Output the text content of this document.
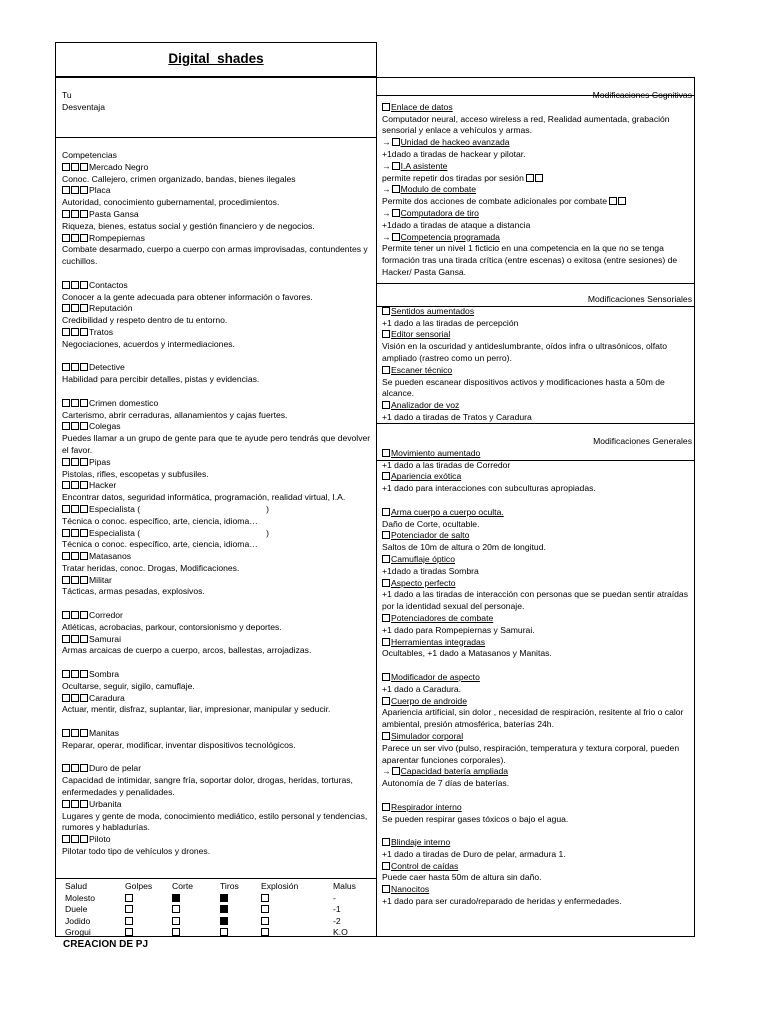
Digital_shades
Tu
Desventaja
Competencias
Mercado Negro
Conoc. Callejero, crimen organizado, bandas, bienes ilegales
Placa
Autoridad, conocimiento gubernamental, procedimientos.
Pasta Gansa
Riqueza, bienes, estatus social y gestión financiero y de negocios.
Rompepiernas
Combate desarmado, cuerpo a cuerpo con armas improvisadas, contundentes y cuchillos.
Contactos
Conocer a la gente adecuada para obtener información o favores.
Reputación
Credibilidad y respeto dentro de tu entorno.
Tratos
Negociaciones, acuerdos y intermediaciones.
Detective
Habilidad para percibir detalles, pistas y evidencias.
Crimen domestico
Carterismo, abrir cerraduras, allanamientos y cajas fuertes.
Colegas
Puedes llamar a un grupo de gente para que te ayude pero tendrás que devolver el favor.
Pipas
Pistolas, rifles, escopetas y subfusiles.
Hacker
Encontrar datos, seguridad informática, programación, realidad virtual, I.A.
Especialista (	)
Técnica o conoc. específico, arte, ciencia, idioma…
Especialista (	)
Técnica o conoc. específico, arte, ciencia, idioma…
Matasanos
Tratar heridas, conoc. Drogas, Modificaciones.
Militar
Tácticas, armas pesadas, explosivos.
Corredor
Atléticas, acrobacias, parkour, contorsionismo y deportes.
Samurai
Armas arcaicas de cuerpo a cuerpo, arcos, ballestas, arrojadizas.
Sombra
Ocultarse, seguir, sigilo, camuflaje.
Caradura
Actuar, mentir, disfraz, suplantar, liar, impresionar, manipular y seducir.
Manitas
Reparar, operar, modificar, inventar dispositivos tecnológicos.
Duro de pelar
Capacidad de intimidar, sangre fría, soportar dolor, drogas, heridas, torturas, enfermedades y penalidades.
Urbanita
Lugares y gente de moda, conocimiento mediático, estilo personal y tendencias, rumores y habladurías.
Piloto
Pilotar todo tipo de vehículos y drones.
Modificaciones Cognitivas
Enlace de datos
Computador neural, acceso wireless a red, Realidad aumentada, grabación sensorial y enlace a vehículos y armas.
→ Unidad de hackeo avanzada
+1dado a tiradas de hackear y pilotar.
→ I.A asistente
permite repetir dos tiradas por sesión
→ Modulo de combate
Permite dos acciones de combate adicionales por combate
→ Computadora de tiro
+1dado a tiradas de ataque a distancia
→ Competencia programada
Permite tener un nivel 1 ficticio en una competencia en la que no se tenga formación tras una tirada crítica (entre escenas) o exitosa (entre sesiones) de Hacker/ Pasta Gansa.
Modificaciones Sensoriales
Sentidos aumentados
+1 dado a las tiradas de percepción
Editor sensorial
Visión en la oscuridad y antideslumbrante, oídos infra o ultrasónicos, olfato ampliado (rastreo como un perro).
Escaner técnico
Se pueden escanear dispositivos activos y modificaciones hasta a 50m de alcance.
Analizador de voz
+1 dado a tiradas de Tratos y Caradura
Modificaciones Generales
Movimiento aumentado
+1 dado a las tiradas de Corredor
Apariencia exótica
+1 dado para interacciones con subculturas apropiadas.
Arma cuerpo a cuerpo oculta.
Daño de Corte, ocultable.
Potenciador de salto
Saltos de 10m de altura o 20m de longitud.
Camuflaje óptico
+1dado a tiradas Sombra
Aspecto perfecto
+1 dado a las tiradas de interacción con personas que se puedan sentir atraídas por la identidad sexual del personaje.
Potenciadores de combate
+1 dado para Rompepiernas y Samurai.
Herramientas integradas
Ocultables, +1 dado a Matasanos y Manitas.
Modificador de aspecto
+1 dado a Caradura.
Cuerpo de androide
Apariencia artificial, sin dolor , necesidad de respiración, resitente al frio o calor ambiental, presión atmosférica, baterías 24h.
Simulador corporal
Parece un ser vivo (pulso, respiración, temperatura y textura corporal, pueden aparentar funciones corporales).
→ Capacidad batería ampliada
Autonomía de 7 días de baterías.
Respirador interno
Se pueden respirar gases tóxicos o bajo el agua.
Blindaje interno
+1 dado a tiradas de Duro de pelar, armadura 1.
Control de caídas
Puede caer hasta 50m de altura sin daño.
Nanocitos
+1 dado para ser curado/reparado de heridas y enfermedades.
Salud	Golpes	Corte	Tiros	Explosión	Malus
Molesto					-
Duele					-1
Jodido					-2
Grogui					K.O
CREACION DE PJ
